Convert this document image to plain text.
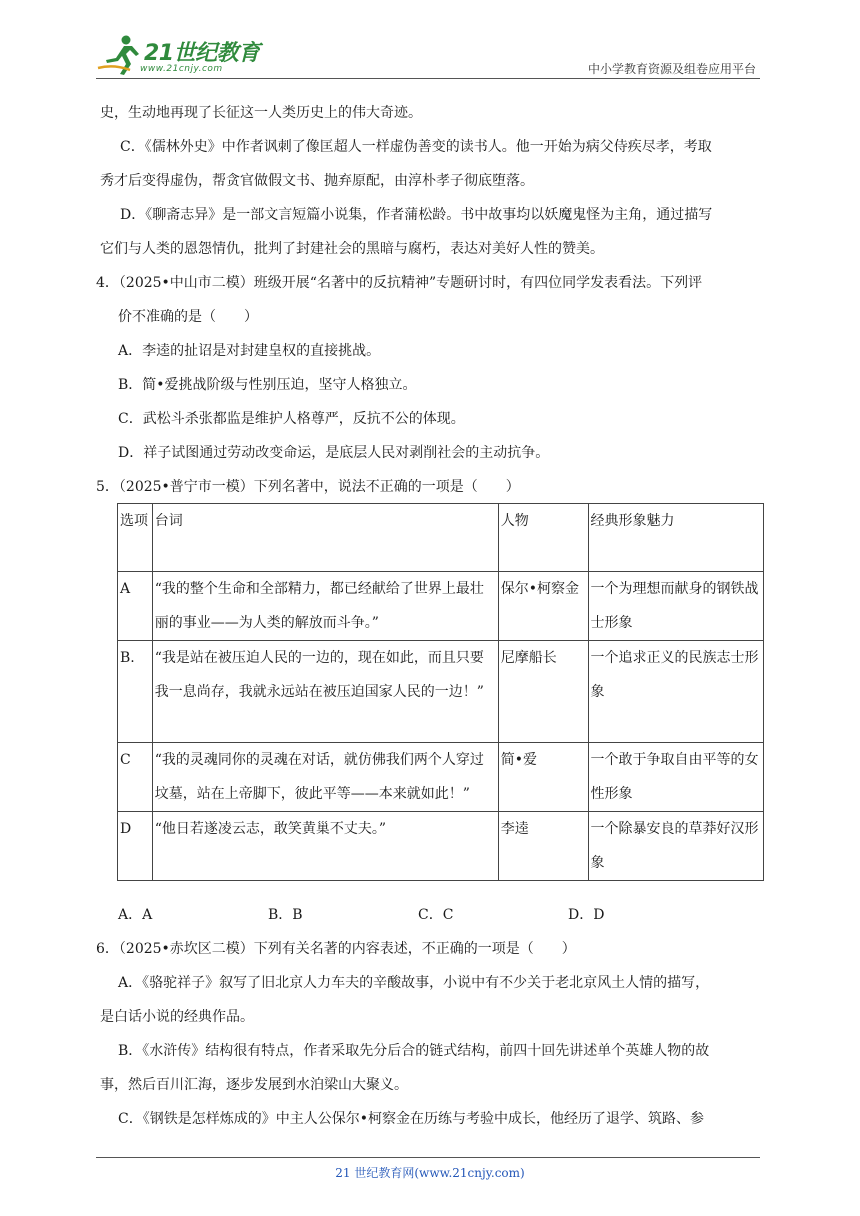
21世纪教育
www.21cnjy.com	中小学教育资源及组卷应用平台

史，生动地再现了长征这一人类历史上的伟大奇迹。

C．《儒林外史》中作者讽刺了像匡超人一样虚伪善变的读书人。他一开始为病父侍疾尽孝，考取

秀才后变得虚伪，帮贪官做假文书、抛弃原配，由淳朴孝子彻底堕落。

D．《聊斋志异》是一部文言短篇小说集，作者蒲松龄。书中故事均以妖魔鬼怪为主角，通过描写

它们与人类的恩怨情仇，批判了封建社会的黑暗与腐朽，表达对美好人性的赞美。

4．（2025•中山市二模）班级开展“名著中的反抗精神”专题研讨时，有四位同学发表看法。下列评

价不准确的是（　　）

A．李逵的扯诏是对封建皇权的直接挑战。

B．简•爱挑战阶级与性别压迫，坚守人格独立。

C．武松斗杀张都监是维护人格尊严，反抗不公的体现。

D．祥子试图通过劳动改变命运，是底层人民对剥削社会的主动抗争。

5．（2025•普宁市一模）下列名著中，说法不正确的一项是（　　）

选项	台词	人物	经典形象魅力
A	“我的整个生命和全部精力，都已经献给了世界上最壮丽的事业——为人类的解放而斗争。”	保尔•柯察金	一个为理想而献身的钢铁战士形象
B.	“我是站在被压迫人民的一边的，现在如此，而且只要我一息尚存，我就永远站在被压迫国家人民的一边！”	尼摩船长	一个追求正义的民族志士形象
C	“我的灵魂同你的灵魂在对话，就仿佛我们两个人穿过坟墓，站在上帝脚下，彼此平等——本来就如此！”	简•爱	一个敢于争取自由平等的女性形象
D	“他日若遂凌云志，敢笑黄巢不丈夫。”	李逵	一个除暴安良的草莽好汉形象
A．A	B．B	C．C	D．D

6．（2025•赤坎区二模）下列有关名著的内容表述，不正确的一项是（　　）

A．《骆驼祥子》叙写了旧北京人力车夫的辛酸故事，小说中有不少关于老北京风土人情的描写，

是白话小说的经典作品。

B．《水浒传》结构很有特点，作者采取先分后合的链式结构，前四十回先讲述单个英雄人物的故

事，然后百川汇海，逐步发展到水泊梁山大聚义。

C．《钢铁是怎样炼成的》中主人公保尔•柯察金在历练与考验中成长，他经历了退学、筑路、参

21 世纪教育网(www.21cnjy.com)
